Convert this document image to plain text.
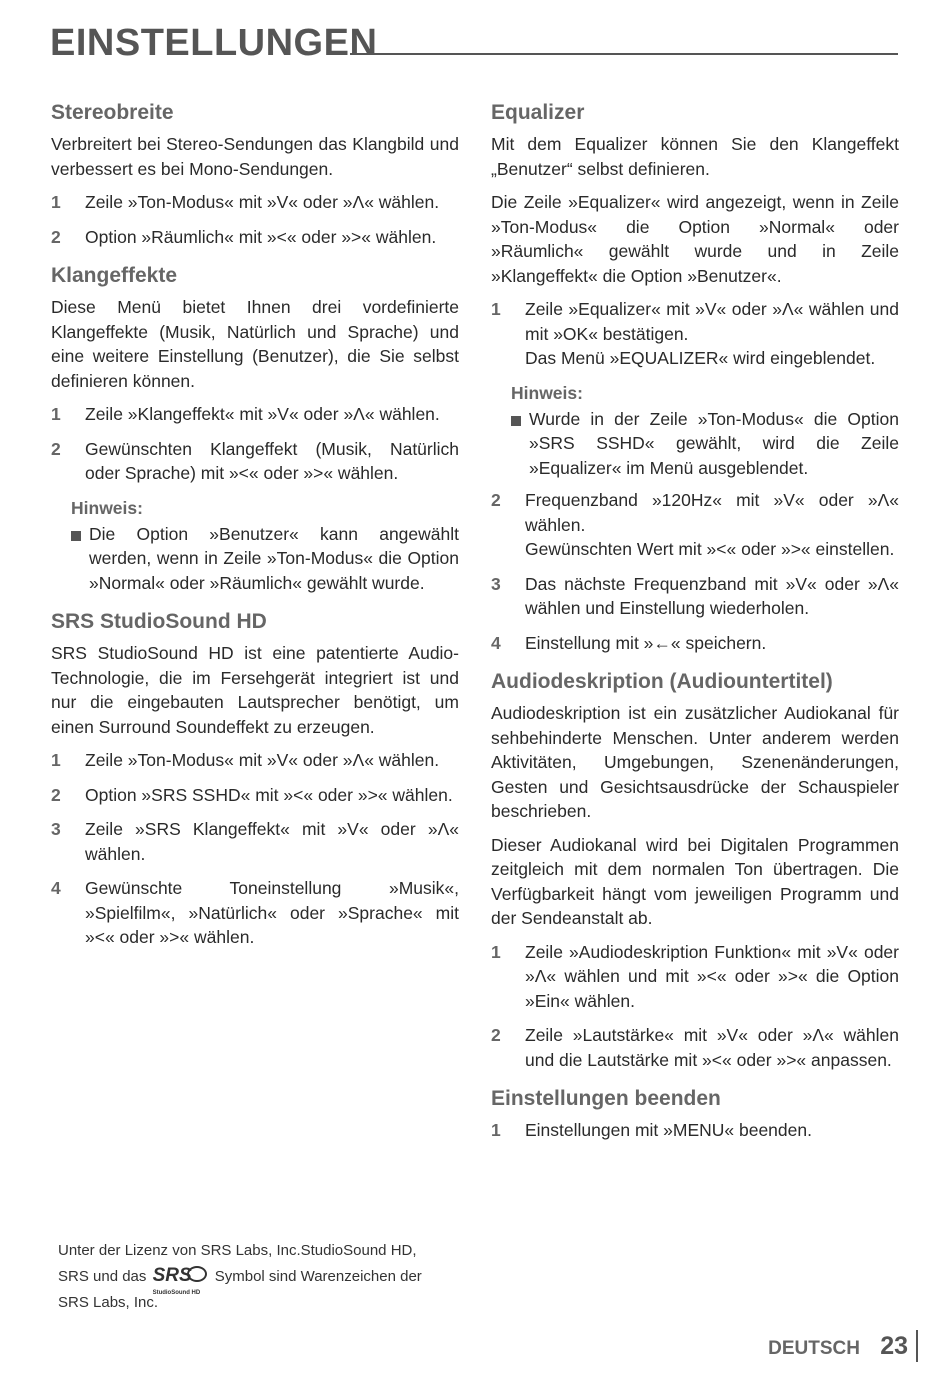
EINSTELLUNGEN
Stereobreite

Verbreitert bei Stereo-Sendungen das Klangbild und verbessert es bei Mono-Sendungen.

1 Zeile »Ton-Modus« mit »V« oder »Λ« wählen.
2 Option »Räumlich« mit »<« oder »>« wählen.
Klangeffekte

Diese Menü bietet Ihnen drei vordefinierte Klangeffekte (Musik, Natürlich und Sprache) und eine weitere Einstellung (Benutzer), die Sie selbst definieren können.

1 Zeile »Klangeffekt« mit »V« oder »Λ« wählen.
2 Gewünschten Klangeffekt (Musik, Natürlich oder Sprache) mit »<« oder »>« wählen.
Hinweis:
Die Option »Benutzer« kann angewählt werden, wenn in Zeile »Ton-Modus« die Option »Normal« oder »Räumlich« gewählt wurde.
SRS StudioSound HD

SRS StudioSound HD ist eine patentierte Audio-Technologie, die im Fersehgerät integriert ist und nur die eingebauten Lautsprecher benötigt, um einen Surround Soundeffekt zu erzeugen.

1 Zeile »Ton-Modus« mit »V« oder »Λ« wählen.
2 Option »SRS SSHD« mit »<« oder »>« wählen.
3 Zeile »SRS Klangeffekt« mit »V« oder »Λ« wählen.
4 Gewünschte Toneinstellung »Musik«, »Spielfilm«, »Natürlich« oder »Sprache« mit »<« oder »>« wählen.
Equalizer

Mit dem Equalizer können Sie den Klangeffekt „Benutzer“ selbst definieren.

Die Zeile »Equalizer« wird angezeigt, wenn in Zeile »Ton-Modus« die Option »Normal« oder »Räumlich« gewählt wurde und in Zeile »Klangeffekt« die Option »Benutzer«.

1 Zeile »Equalizer« mit »V« oder »Λ« wählen und mit »OK« bestätigen.
Das Menü »EQUALIZER« wird eingeblendet.
Hinweis:
Wurde in der Zeile »Ton-Modus« die Option »SRS SSHD« gewählt, wird die Zeile »Equalizer« im Menü ausgeblendet.
2 Frequenzband »120Hz« mit »V« oder »Λ« wählen.
Gewünschten Wert mit »<« oder »>« einstellen.
3 Das nächste Frequenzband mit »V« oder »Λ« wählen und Einstellung wiederholen.
4 Einstellung mit »←« speichern.
Audiodeskription (Audiountertitel)

Audiodeskription ist ein zusätzlicher Audiokanal für sehbehinderte Menschen. Unter anderem werden Aktivitäten, Umgebungen, Szenenänderungen, Gesten und Gesichtsausdrücke der Schauspieler beschrieben.

Dieser Audiokanal wird bei Digitalen Programmen zeitgleich mit dem normalen Ton übertragen. Die Verfügbarkeit hängt vom jeweiligen Programm und der Sendeanstalt ab.

1 Zeile »Audiodeskription Funktion« mit »V« oder »Λ« wählen und mit »<« oder »>« die Option »Ein« wählen.
2 Zeile »Lautstärke« mit »V« oder »Λ« wählen und die Lautstärke mit »<« oder »>« anpassen.
Einstellungen beenden
1 Einstellungen mit »MENU« beenden.
Unter der Lizenz von SRS Labs, Inc.StudioSound HD,
SRS und das SRS
StudioSound HD
Symbol sind Warenzeichen der
SRS Labs, Inc.
DEUTSCH 23
